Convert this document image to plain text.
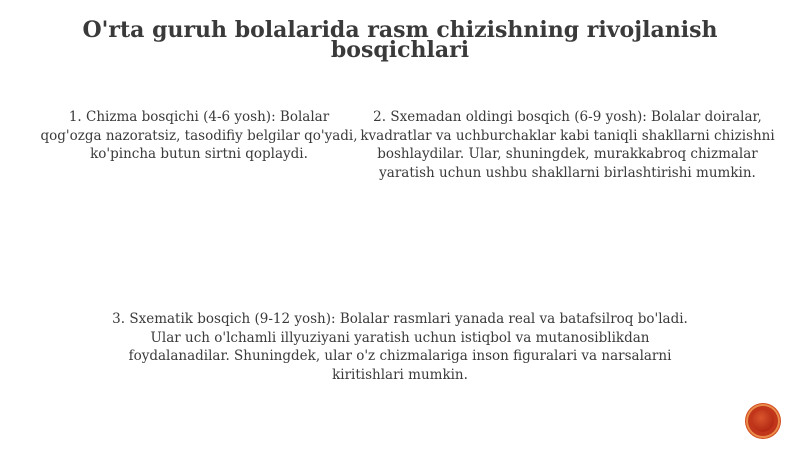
O'rta guruh bolalarida rasm chizishning rivojlanish bosqichlari

1. Chizma bosqichi (4-6 yosh): Bolalar qog'ozga nazoratsiz, tasodifiy belgilar qo'yadi, ko'pincha butun sirtni qoplaydi.

2. Sxemadan oldingi bosqich (6-9 yosh): Bolalar doiralar, kvadratlar va uchburchaklar kabi taniqli shakllarni chizishni boshlaydilar. Ular, shuningdek, murakkabroq chizmalar yaratish uchun ushbu shakllarni birlashtirishi mumkin.

3. Sxematik bosqich (9-12 yosh): Bolalar rasmlari yanada real va batafsilroq bo'ladi. Ular uch o'lchamli illyuziyani yaratish uchun istiqbol va mutanosiblikdan foydalanadilar. Shuningdek, ular o'z chizmalariga inson figuralari va narsalarni kiritishlari mumkin.
